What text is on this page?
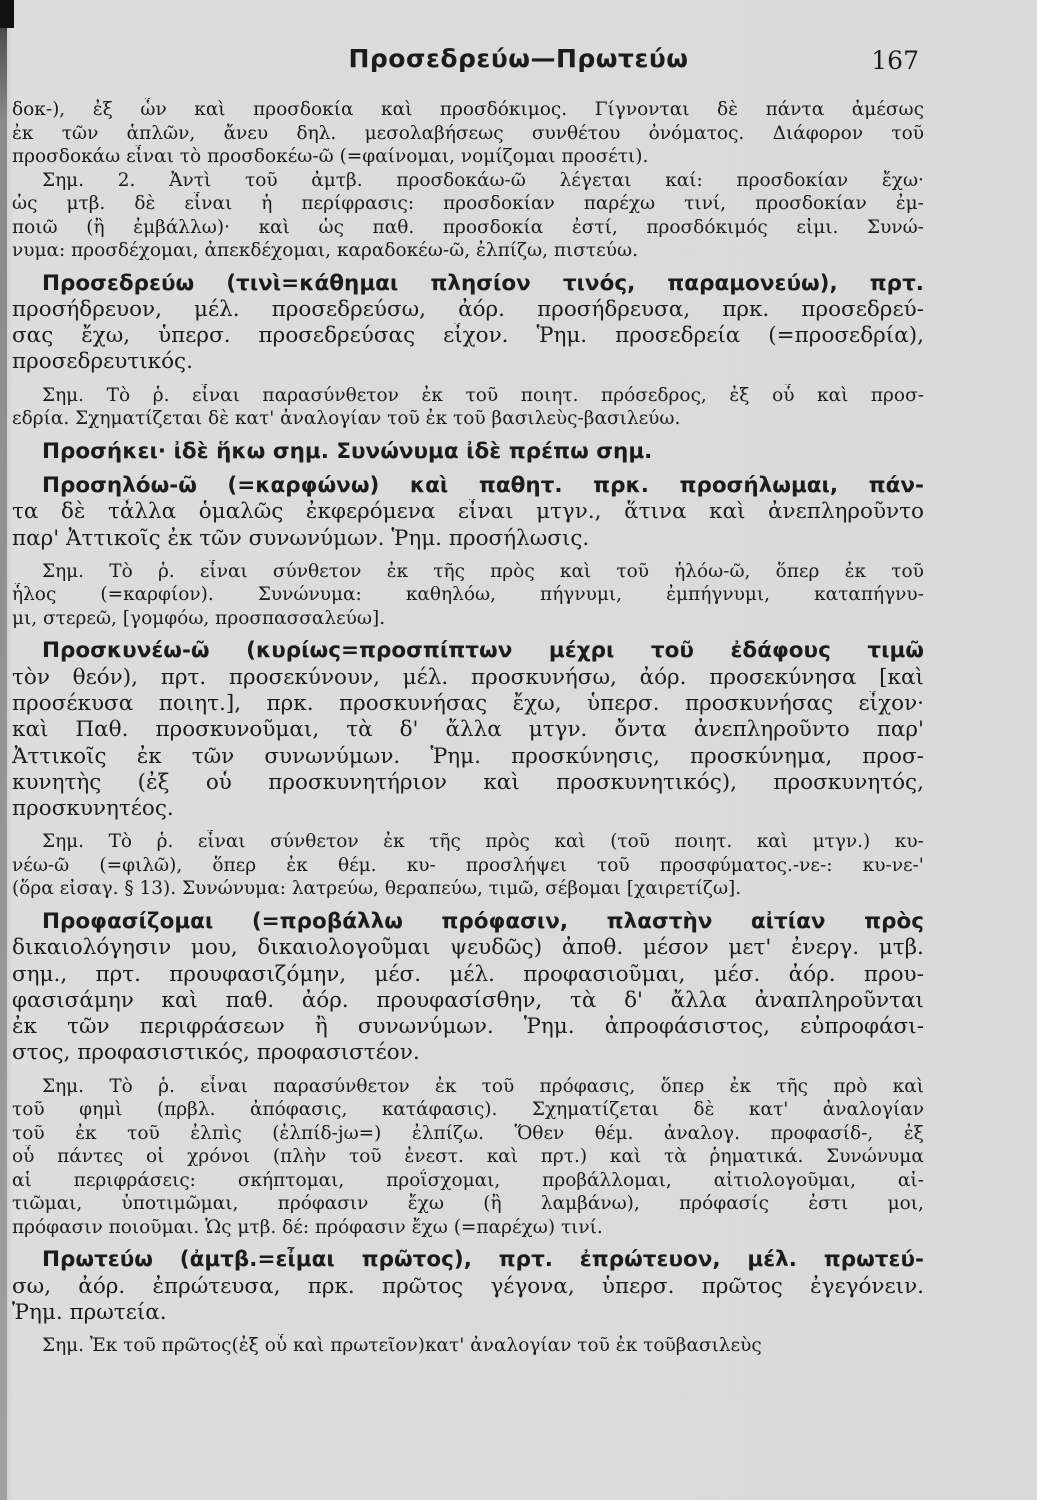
Προσεδρεύω—Πρωτεύω	167
δοκ-), ἐξ ὧν καὶ προσδοκία καὶ προσδόκιμος. Γίγνονται δὲ πάντα ἀμέσως
ἐκ τῶν ἁπλῶν, ἄνευ δηλ. μεσολαβήσεως συνθέτου ὀνόματος. Διάφορον τοῦ
προσδοκάω εἶναι τὸ προσδοκέω-ῶ (=φαίνομαι, νομίζομαι προσέτι).
Σημ. 2. Ἀντὶ τοῦ ἀμτβ. προσδοκάω-ῶ λέγεται καί: προσδοκίαν ἔχω·
ὡς μτβ. δὲ εἶναι ἡ περίφρασις: προσδοκίαν παρέχω τινί, προσδοκίαν ἐμ-
ποιῶ (ἢ ἐμβάλλω)· καὶ ὡς παθ. προσδοκία ἐστί, προσδόκιμός εἰμι. Συνώ-
νυμα: προσδέχομαι, ἀπεκδέχομαι, καραδοκέω-ῶ, ἐλπίζω, πιστεύω.
Προσεδρεύω (τινὶ=κάθημαι πλησίον τινός, παραμονεύω), πρτ.
προσήδρευον, μέλ. προσεδρεύσω, ἀόρ. προσήδρευσα, πρκ. προσεδρεύ-
σας ἔχω, ὑπερσ. προσεδρεύσας εἶχον. Ῥημ. προσεδρεία (=προσεδρία),
προσεδρευτικός.
Σημ. Τὸ ῥ. εἶναι παρασύνθετον ἐκ τοῦ ποιητ. πρόσεδρος, ἐξ οὗ καὶ προσ-
εδρία. Σχηματίζεται δὲ κατ' ἀναλογίαν τοῦ ἐκ τοῦ βασιλεὺς-βασιλεύω.
Προσήκει· ἰδὲ ἥκω σημ. Συνώνυμα ἰδὲ πρέπω σημ.
Προσηλόω-ῶ (=καρφώνω) καὶ παθητ. πρκ. προσήλωμαι, πάν-
τα δὲ τἆλλα ὁμαλῶς ἐκφερόμενα εἶναι μτγν., ἅτινα καὶ ἀνεπληροῦντο
παρ' Ἀττικοῖς ἐκ τῶν συνωνύμων. Ῥημ. προσήλωσις.
Σημ. Τὸ ῥ. εἶναι σύνθετον ἐκ τῆς πρὸς καὶ τοῦ ἡλόω-ῶ, ὅπερ ἐκ τοῦ
ἧλος (=καρφίον). Συνώνυμα: καθηλόω, πήγνυμι, ἐμπήγνυμι, καταπήγνυ-
μι, στερεῶ, [γομφόω, προσπασσαλεύω].
Προσκυνέω-ῶ (κυρίως=προσπίπτων μέχρι τοῦ ἐδάφους τιμῶ
τὸν θεόν), πρτ. προσεκύνουν, μέλ. προσκυνήσω, ἀόρ. προσεκύνησα [καὶ
προσέκυσα ποιητ.], πρκ. προσκυνήσας ἔχω, ὑπερσ. προσκυνήσας εἶχον·
καὶ Παθ. προσκυνοῦμαι, τὰ δ' ἄλλα μτγν. ὄντα ἀνεπληροῦντο παρ'
Ἀττικοῖς ἐκ τῶν συνωνύμων. Ῥημ. προσκύνησις, προσκύνημα, προσ-
κυνητὴς (ἐξ οὗ προσκυνητήριον καὶ προσκυνητικός), προσκυνητός,
προσκυνητέος.
Σημ. Τὸ ῥ. εἶναι σύνθετον ἐκ τῆς πρὸς καὶ (τοῦ ποιητ. καὶ μτγν.) κυ-
νέω-ῶ (=φιλῶ), ὅπερ ἐκ θέμ. κυ- προσλήψει τοῦ προσφύματος.-νε-: κυ-νε-'
(ὅρα εἰσαγ. § 13). Συνώνυμα: λατρεύω, θεραπεύω, τιμῶ, σέβομαι [χαιρετίζω].
Προφασίζομαι (=προβάλλω πρόφασιν, πλαστὴν αἰτίαν πρὸς
δικαιολόγησιν μου, δικαιολογοῦμαι ψευδῶς) ἀποθ. μέσον μετ' ἐνεργ. μτβ.
σημ., πρτ. προυφασιζόμην, μέσ. μέλ. προφασιοῦμαι, μέσ. ἀόρ. πρου-
φασισάμην καὶ παθ. ἀόρ. προυφασίσθην, τὰ δ' ἄλλα ἀναπληροῦνται
ἐκ τῶν περιφράσεων ἢ συνωνύμων. Ῥημ. ἀπροφάσιστος, εὐπροφάσι-
στος, προφασιστικός, προφασιστέον.
Σημ. Τὸ ῥ. εἶναι παρασύνθετον ἐκ τοῦ πρόφασις, ὅπερ ἐκ τῆς πρὸ καὶ
τοῦ φημὶ (πρβλ. ἀπόφασις, κατάφασις). Σχηματίζεται δὲ κατ' ἀναλογίαν
τοῦ ἐκ τοῦ ἐλπὶς (ἐλπίδ-jω=) ἐλπίζω. Ὅθεν θέμ. ἀναλογ. προφασίδ-, ἐξ
οὗ πάντες οἱ χρόνοι (πλὴν τοῦ ἐνεστ. καὶ πρτ.) καὶ τὰ ῥηματικά. Συνώνυμα
αἱ περιφράσεις: σκήπτομαι, προΐσχομαι, προβάλλομαι, αἰτιολογοῦμαι, αἰ-
τιῶμαι, ὑποτιμῶμαι, πρόφασιν ἔχω (ἢ λαμβάνω), πρόφασίς ἐστι μοι,
πρόφασιν ποιοῦμαι. Ὡς μτβ. δέ: πρόφασιν ἔχω (=παρέχω) τινί.
Πρωτεύω (ἀμτβ.=εἶμαι πρῶτος), πρτ. ἐπρώτευον, μέλ. πρωτεύ-
σω, ἀόρ. ἐπρώτευσα, πρκ. πρῶτος γέγονα, ὑπερσ. πρῶτος ἐγεγόνειν.
Ῥημ. πρωτεία.
Σημ. Ἐκ τοῦ πρῶτος(ἐξ οὗ καὶ πρωτεῖον)κατ' ἀναλογίαν τοῦ ἐκ τοῦβασιλεὺς
